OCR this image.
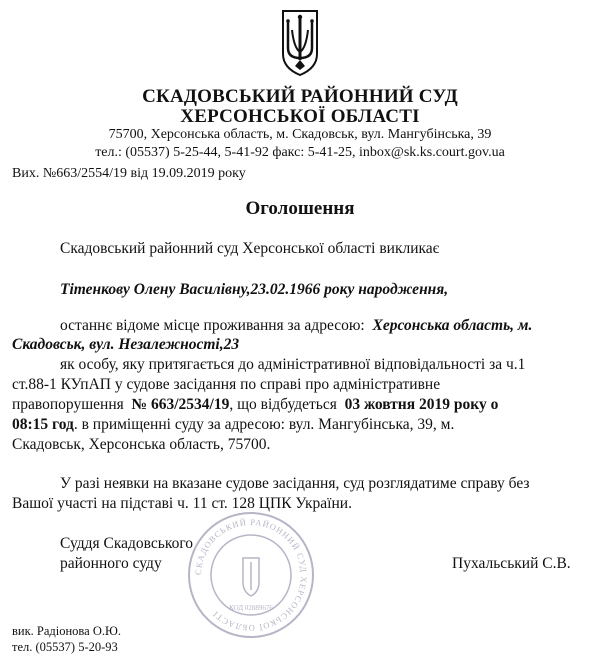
СКАДОВСЬКИЙ РАЙОННИЙ СУД
ХЕРСОНСЬКОЇ ОБЛАСТІ
75700, Херсонська область, м. Скадовськ, вул. Мангубінська, 39
тел.: (05537) 5-25-44, 5-41-92 факс: 5-41-25, inbox@sk.ks.court.gov.ua
Вих. №663/2554/19 від 19.09.2019 року
Оголошення
Скадовський районний суд Херсонської області викликає
Тітенкову Олену Василівну,23.02.1966 року народження,
останнє відоме місце проживання за адресою: Херсонська область, м.
Скадовськ, вул. Незалежності,23
як особу, яку притягається до адміністративної відповідальності за ч.1
ст.88-1 КУпАП у судове засідання по справі про адміністративне
правопорушення № 663/2534/19, що відбудеться 03 жовтня 2019 року о
08:15 год. в приміщенні суду за адресою: вул. Мангубінська, 39, м.
Скадовськ, Херсонська область, 75700.
У разі неявки на вказане судове засідання, суд розглядатиме справу без
Вашої участі на підставі ч. 11 ст. 128 ЦПК України.
СКАДОВСЬКИЙ РАЙОННИЙ СУД ХЕРСОНСЬКОЇ ОБЛАСТІ
КОД 02889676
Суддя Скадовського
районного суду	Пухальський С.В.
вик. Радіонова О.Ю.
тел. (05537) 5-20-93
